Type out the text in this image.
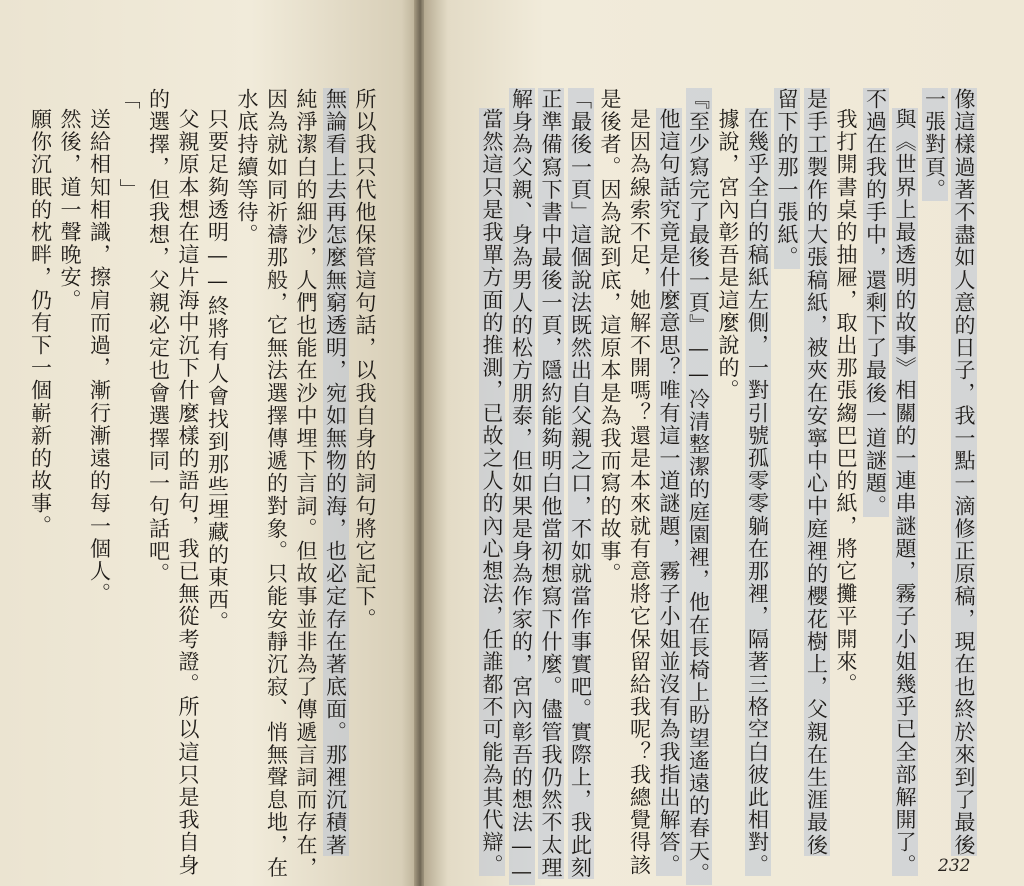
所以我只代他保管這句話，以我自身的詞句將它記下。
無論看上去再怎麼無窮透明，宛如無物的海，也必定存在著底面。那裡沉積著
純淨潔白的細沙，人們也能在沙中埋下言詞。但故事並非為了傳遞言詞而存在，
因為就如同祈禱那般，它無法選擇傳遞的對象。只能安靜沉寂、悄無聲息地，在
水底持續等待。
只要足夠透明——終將有人會找到那些埋藏的東西。
父親原本想在這片海中沉下什麼樣的語句，我已無從考證。所以這只是我自身
的選擇，但我想，父親必定也會選擇同一句話吧。
「　　　」
送給相知相識，擦肩而過，漸行漸遠的每一個人。
然後，道一聲晚安。
願你沉眠的枕畔，仍有下一個嶄新的故事。
232
像這樣過著不盡如人意的日子，我一點一滴修正原稿，現在也終於來到了最後
一張對頁。
與《世界上最透明的故事》相關的一連串謎題，霧子小姐幾乎已全部解開了。
不過在我的手中，還剩下了最後一道謎題。
我打開書桌的抽屜，取出那張縐巴巴的紙，將它攤平開來。
是手工製作的大張稿紙，被夾在安寧中心中庭裡的櫻花樹上，父親在生涯最後
留下的那一張紙。
在幾乎全白的稿紙左側，一對引號孤零零躺在那裡，隔著三格空白彼此相對。
據說，宮內彰吾是這麼說的。
『至少寫完了最後一頁』——冷清整潔的庭園裡，他在長椅上盼望遙遠的春天。
他這句話究竟是什麼意思？唯有這一道謎題，霧子小姐並沒有為我指出解答。
是因為線索不足，她解不開嗎？還是本來就有意將它保留給我呢？我總覺得該
是後者。因為說到底，這原本是為我而寫的故事。
「最後一頁」這個說法既然出自父親之口，不如就當作事實吧。實際上，我此刻
正準備寫下書中最後一頁，隱約能夠明白他當初想寫下什麼。儘管我仍然不太理
解身為父親、身為男人的松方朋泰，但如果是身為作家的，宮內彰吾的想法——
當然這只是我單方面的推測，已故之人的內心想法，任誰都不可能為其代辯。
